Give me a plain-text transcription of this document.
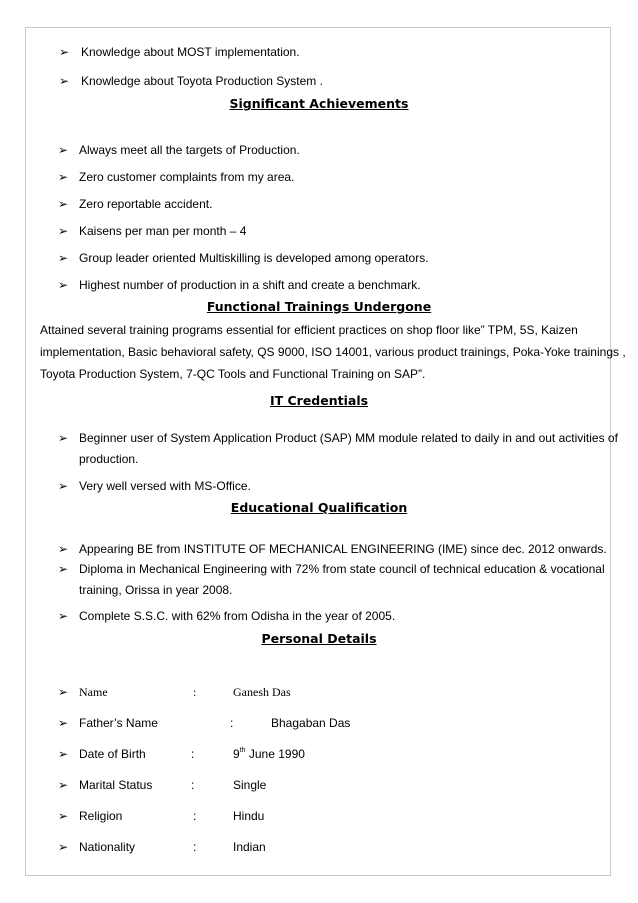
➢ Knowledge about MOST implementation.
➢ Knowledge about Toyota Production System .
Significant Achievements
➢ Always meet all the targets of Production.
➢ Zero customer complaints from my area.
➢ Zero reportable accident.
➢ Kaisens per man per month – 4
➢ Group leader oriented Multiskilling is developed among operators.
➢ Highest number of production in a shift and create a benchmark.
Functional Trainings Undergone
Attained several training programs essential for efficient practices on shop floor like” TPM, 5S, Kaizen
implementation, Basic behavioral safety, QS 9000, ISO 14001, various product trainings, Poka-Yoke trainings ,
Toyota Production System, 7-QC Tools and Functional Training on SAP”.
IT Credentials
➢ Beginner user of System Application Product (SAP) MM module related to daily in and out activities of
production.
➢ Very well versed with MS-Office.
Educational Qualification
➢ Appearing BE from INSTITUTE OF MECHANICAL ENGINEERING (IME) since dec. 2012 onwards.
➢ Diploma in Mechanical Engineering with 72% from state council of technical education & vocational
training, Orissa in year 2008.
➢ Complete S.S.C. with 62% from Odisha in the year of 2005.
Personal Details
➢ Name	:	Ganesh Das
➢ Father’s Name	:	Bhagaban Das
➢ Date of Birth	:	9th June 1990
➢ Marital Status	:	Single
➢ Religion	:	Hindu
➢ Nationality	:	Indian
